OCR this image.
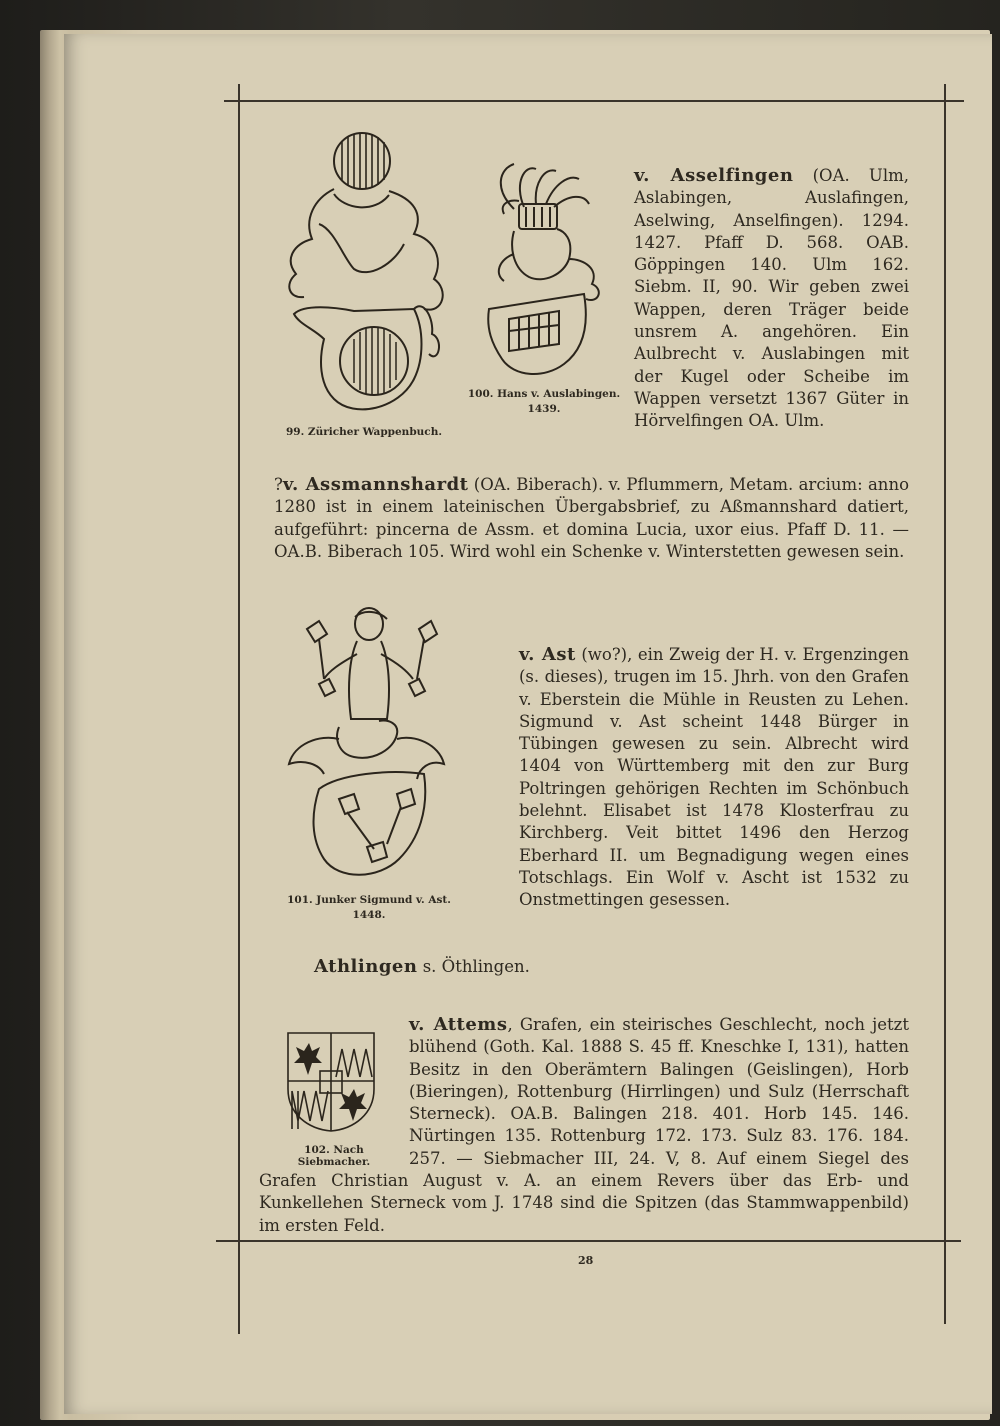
99. Züricher Wappenbuch.
100. Hans v. Auslabingen.
1439.
v. Asselfingen (OA. Ulm, Aslabingen, Auslafingen, Aselwing, Anselfingen). 1294. 1427. Pfaff D. 568. OAB. Göppingen 140. Ulm 162. Siebm. II, 90. Wir geben zwei Wappen, deren Träger beide unsrem A. angehören. Ein Aulbrecht v. Auslabingen mit der Kugel oder Scheibe im Wappen versetzt 1367 Güter in Hörvelfingen OA. Ulm.
?v. Assmannshardt (OA. Biberach). v. Pflummern, Metam. arcium: anno 1280 ist in einem lateinischen Übergabsbrief, zu Aßmannshard datiert, aufgeführt: pincerna de Assm. et domina Lucia, uxor eius. Pfaff D. 11. — OA.B. Biberach 105. Wird wohl ein Schenke v. Winterstetten gewesen sein.
101. Junker Sigmund v. Ast.
1448.
v. Ast (wo?), ein Zweig der H. v. Ergenzingen (s. dieses), trugen im 15. Jhrh. von den Grafen v. Eberstein die Mühle in Reusten zu Lehen. Sigmund v. Ast scheint 1448 Bürger in Tübingen gewesen zu sein. Albrecht wird 1404 von Württemberg mit den zur Burg Poltringen gehörigen Rechten im Schönbuch belehnt. Elisabet ist 1478 Klosterfrau zu Kirchberg. Veit bittet 1496 den Herzog Eberhard II. um Begnadigung wegen eines Totschlags. Ein Wolf v. Ascht ist 1532 zu Onstmettingen gesessen.
Athlingen s. Öthlingen.
102. Nach Siebmacher.
v. Attems, Grafen, ein steirisches Geschlecht, noch jetzt blühend (Goth. Kal. 1888 S. 45 ff. Kneschke I, 131), hatten Besitz in den Oberämtern Balingen (Geislingen), Horb (Bieringen), Rottenburg (Hirrlingen) und Sulz (Herrschaft Sterneck). OA.B. Balingen 218. 401. Horb 145. 146. Nürtingen 135. Rottenburg 172. 173. Sulz 83. 176. 184. 257. — Siebmacher III, 24. V, 8. Auf einem Siegel des Grafen Christian August v. A. an einem Revers über das Erb- und Kunkellehen Sterneck vom J. 1748 sind die Spitzen (das Stammwappenbild) im ersten Feld.
28
